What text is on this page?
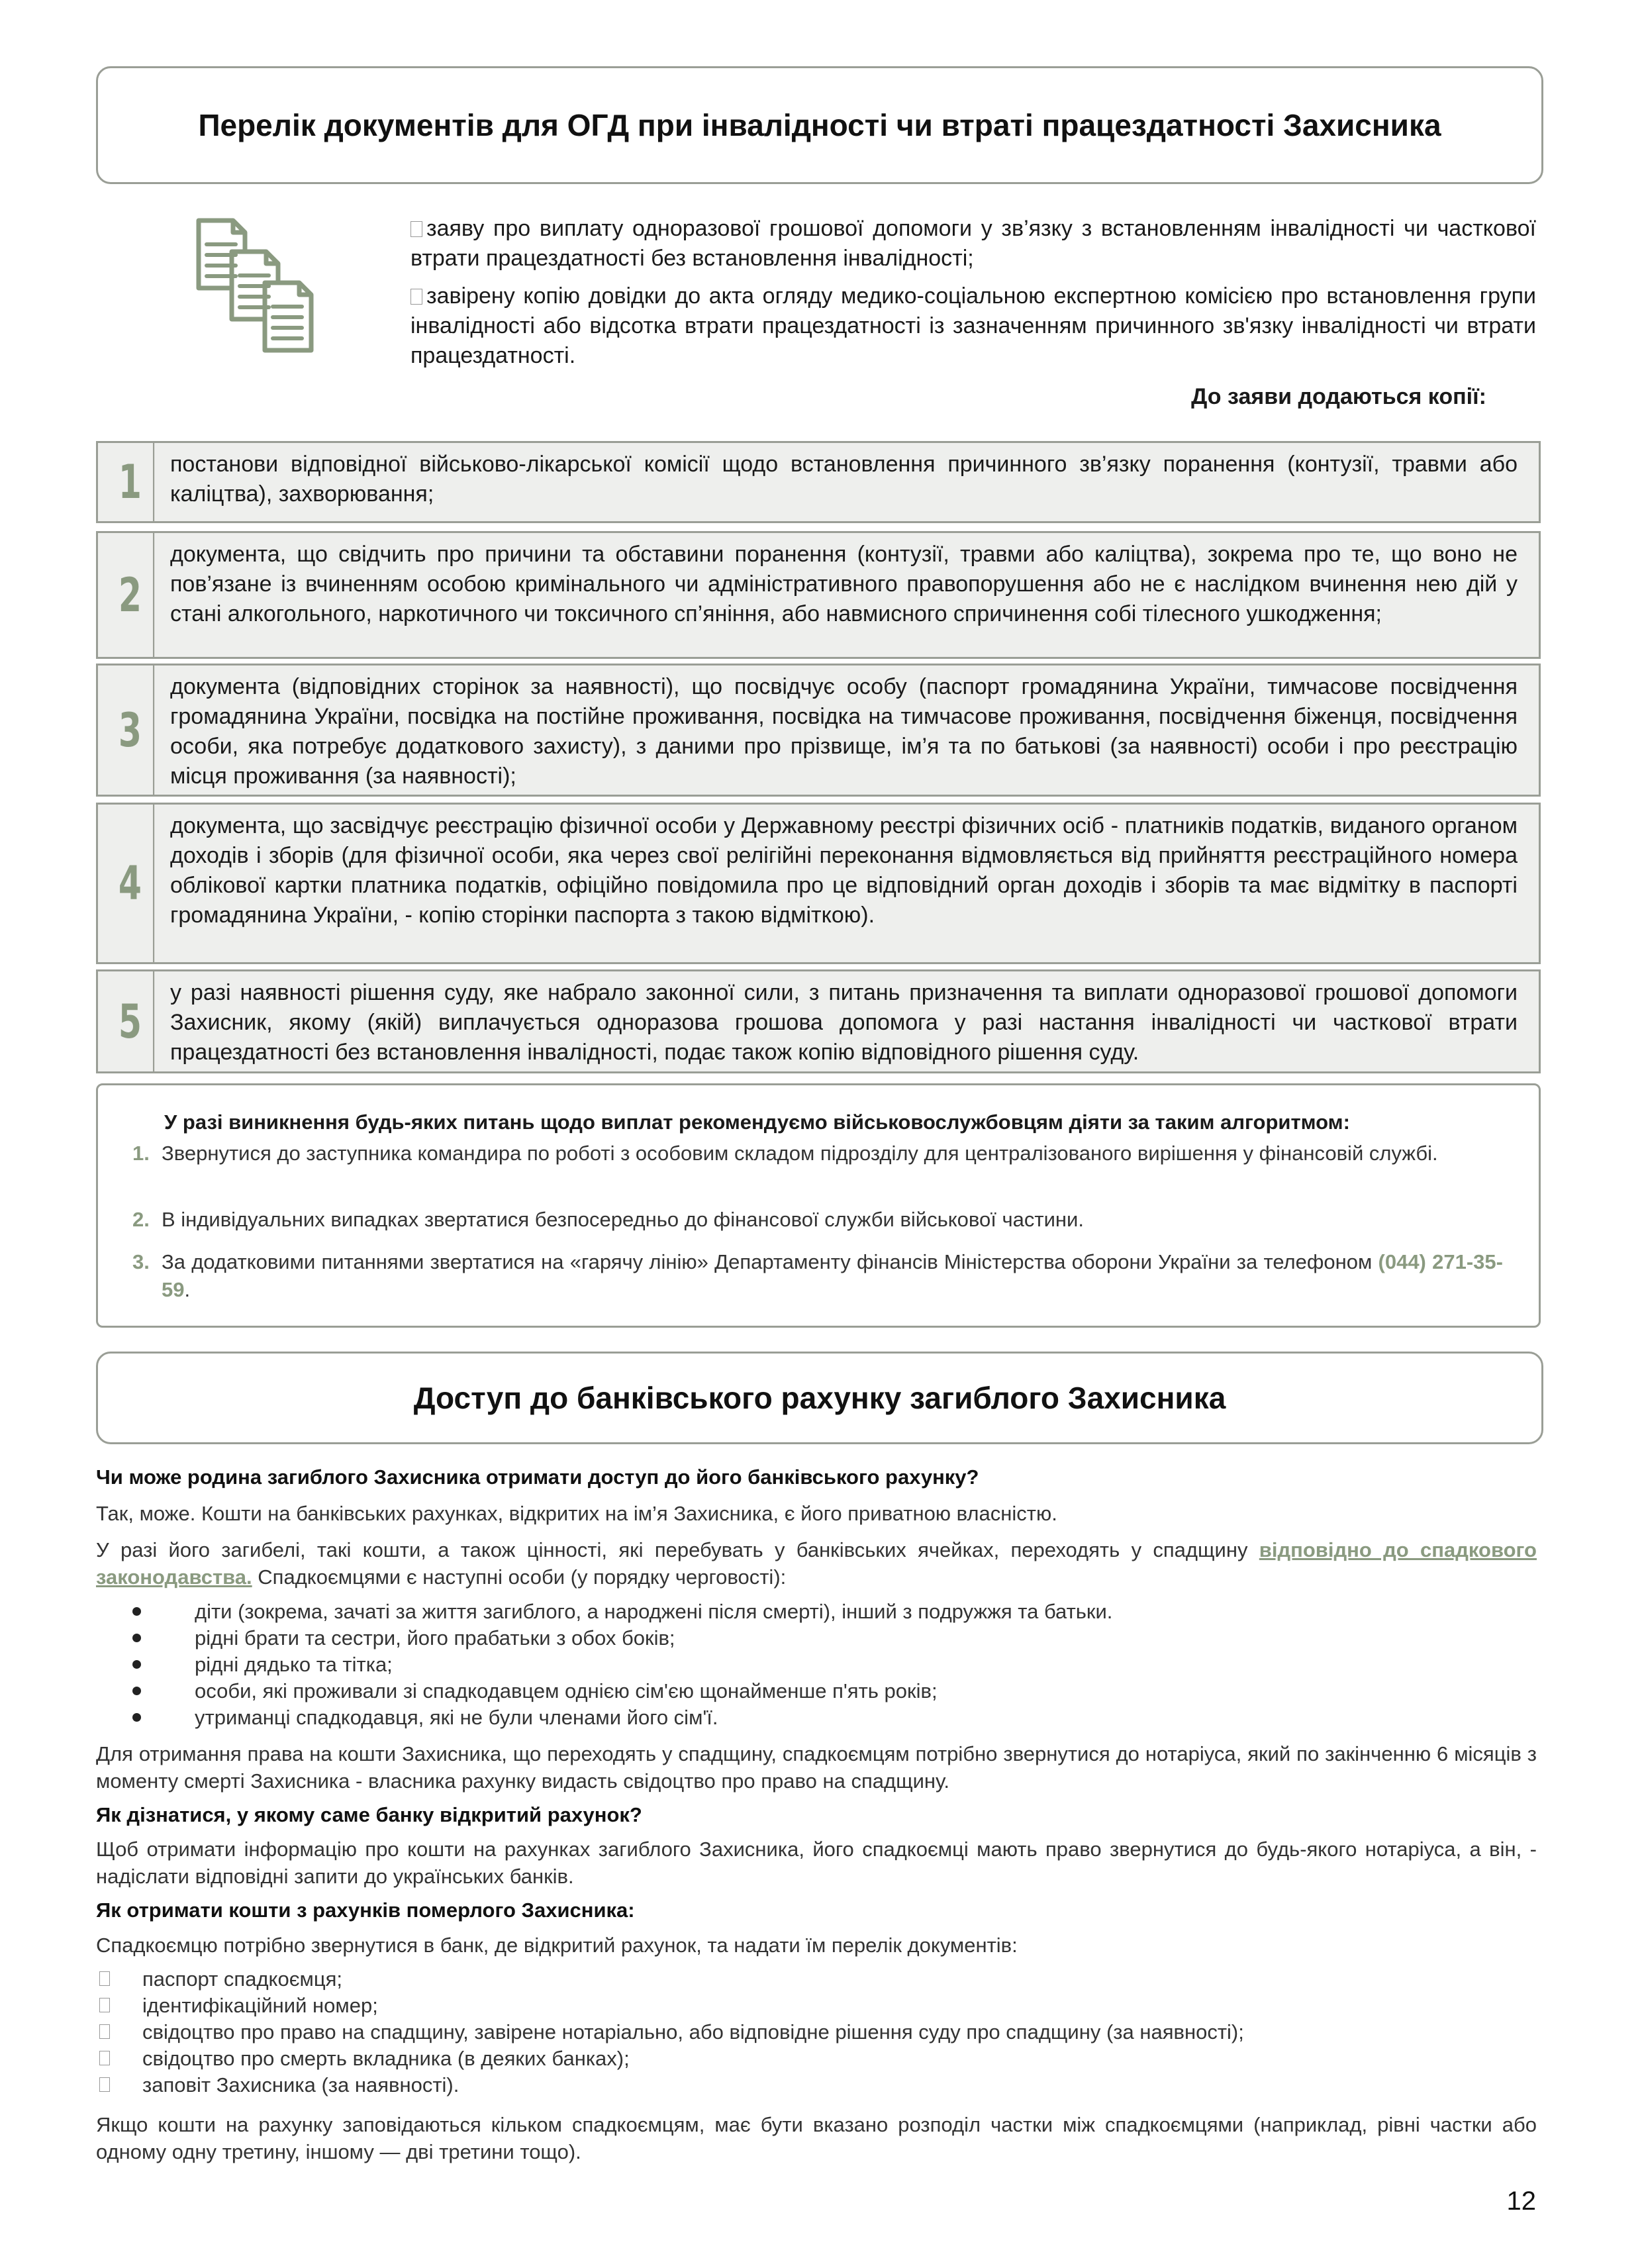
Перелік документів для ОГД при інвалідності чи втраті працездатності Захисника
заяву про виплату одноразової грошової допомоги у зв’язку з встановленням інвалідності чи часткової втрати працездатності без встановлення інвалідності;
завірену копію довідки до акта огляду медико-соціальною експертною комісією про встановлення групи інвалідності або відсотка втрати працездатності із зазначенням причинного зв'язку інвалідності чи втрати працездатності.
До заяви додаються копії:
1	постанови відповідної військово-лікарської комісії щодо встановлення причинного зв’язку поранення (контузії, травми або каліцтва), захворювання;
2
документа, що свідчить про причини та обставини поранення (контузії, травми або каліцтва), зокрема про те, що воно не пов’язане із вчиненням особою кримінального чи адміністративного правопорушення або не є наслідком вчинення нею дій у стані алкогольного, наркотичного чи токсичного сп’яніння, або навмисного спричинення собі тілесного ушкодження;
3
документа (відповідних сторінок за наявності), що посвідчує особу (паспорт громадянина України, тимчасове посвідчення громадянина України, посвідка на постійне проживання, посвідка на тимчасове проживання, посвідчення біженця, посвідчення особи, яка потребує додаткового захисту), з даними про прізвище, ім’я та по батькові (за наявності) особи і про реєстрацію місця проживання (за наявності);
4
документа, що засвідчує реєстрацію фізичної особи у Державному реєстрі фізичних осіб - платників податків, виданого органом доходів і зборів (для фізичної особи, яка через свої релігійні переконання відмовляється від прийняття реєстраційного номера облікової картки платника податків, офіційно повідомила про це відповідний орган доходів і зборів та має відмітку в паспорті громадянина України, - копію сторінки паспорта з такою відміткою).
5
у разі наявності рішення суду, яке набрало законної сили, з питань призначення та виплати одноразової грошової допомоги Захисник, якому (якій) виплачується одноразова грошова допомога у разі настання інвалідності чи часткової втрати працездатності без встановлення інвалідності, подає також копію відповідного рішення суду.
У разі виникнення будь-яких питань щодо виплат рекомендуємо військовослужбовцям діяти за таким алгоритмом:
1. Звернутися до заступника командира по роботі з особовим складом підрозділу для централізованого вирішення у фінансовій службі.
2. В індивідуальних випадках звертатися безпосередньо до фінансової служби військової частини.
3. За додатковими питаннями звертатися на «гарячу лінію» Департаменту фінансів Міністерства оборони України за телефоном (044) 271-35-59.
Доступ до банківського рахунку загиблого Захисника
Чи може родина загиблого Захисника отримати доступ до його банківського рахунку?
Так, може. Кошти на банківських рахунках, відкритих на ім’я Захисника, є його приватною власністю.
У разі його загибелі, такі кошти, а також цінності, які перебувать у банківських ячейках, переходять у спадщину відповідно до спадкового законодавства. Спадкоємцями є наступні особи (у порядку черговості):
діти (зокрема, зачаті за життя загиблого, а народжені після смерті), інший з подружжя та батьки.
рідні брати та сестри, його прабатьки з обох боків;
рідні дядько та тітка;
особи, які проживали зі спадкодавцем однією сім'єю щонайменше п'ять років;
утриманці спадкодавця, які не були членами його сім'ї.
Для отримання права на кошти Захисника, що переходять у спадщину, спадкоємцям потрібно звернутися до нотаріуса, який по закінченню 6 місяців з моменту смерті Захисника - власника рахунку видасть свідоцтво про право на спадщину.
Як дізнатися, у якому саме банку відкритий рахунок?
Щоб отримати інформацію про кошти на рахунках загиблого Захисника, його спадкоємці мають право звернутися до будь-якого нотаріуса, а він, - надіслати відповідні запити до українських банків.
Як отримати кошти з рахунків померлого Захисника:
Спадкоємцю потрібно звернутися в банк, де відкритий рахунок, та надати їм перелік документів:
паспорт спадкоємця;
ідентифікаційний номер;
свідоцтво про право на спадщину, завірене нотаріально, або відповідне рішення суду про спадщину (за наявності);
свідоцтво про смерть вкладника (в деяких банках);
заповіт Захисника (за наявності).
Якщо кошти на рахунку заповідаються кільком спадкоємцям, має бути вказано розподіл частки між спадкоємцями (наприклад, рівні частки або одному одну третину, іншому — дві третини тощо).
12
